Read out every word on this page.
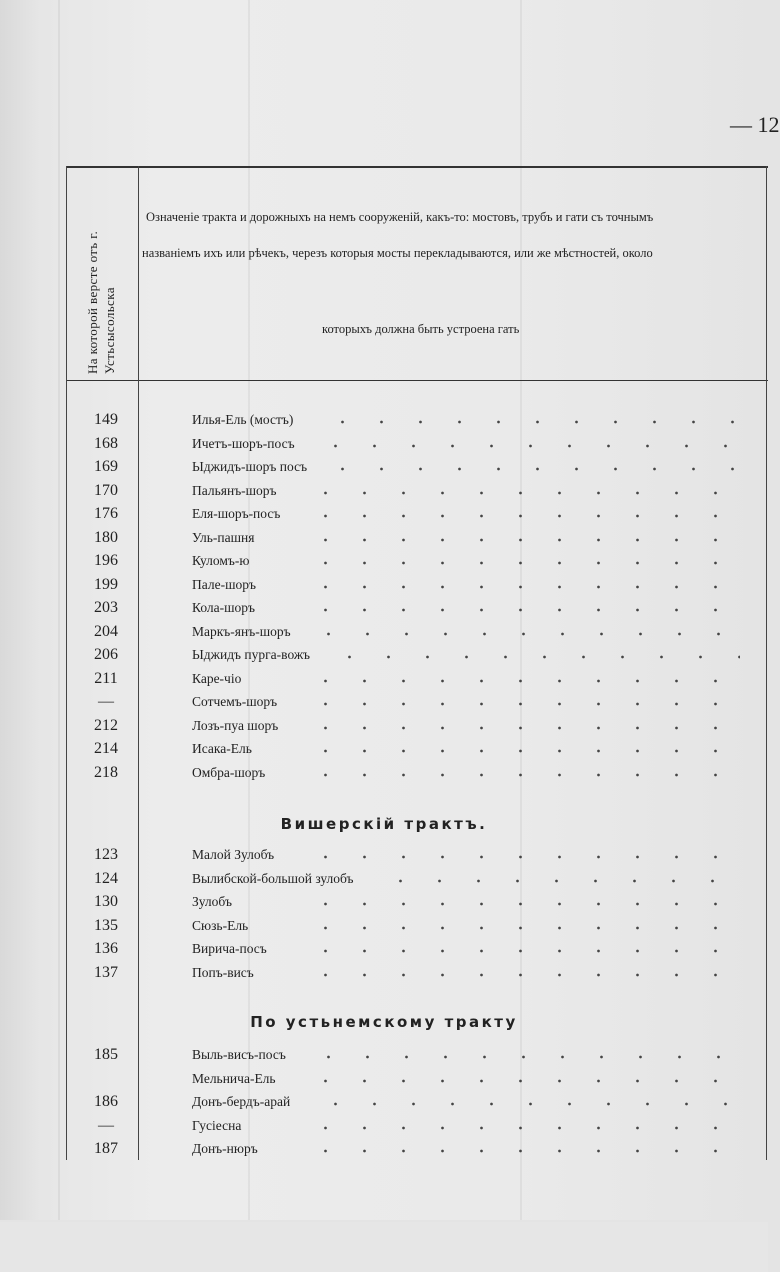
— 12
На которой версте отъ г. Устьсысольска
Означеніе тракта и дорожныхъ на немъ сооруженій, какъ-то: мостовъ, трубъ и гати съ точнымъ
названіемъ ихъ или рѣчекъ, черезъ которыя мосты перекладываются, или же мѣстностей, около
которыхъ должна быть устроена гать
149	Илья-Ель (мостъ)
168	Ичетъ-шоръ-посъ
169	Ыджидъ-шоръ посъ
170	Пальянъ-шоръ
176	Еля-шоръ-посъ
180	Уль-пашня
196	Куломъ-ю
199	Пале-шоръ
203	Кола-шоръ
204	Маркъ-янъ-шоръ
206	Ыджидъ пурга-вожъ
211	Каре-чіо
—	Сотчемъ-шоръ
212	Лозъ-пуа шоръ
214	Исака-Ель
218	Омбра-шоръ
Вишерскій трактъ.
123	Малой Зулобъ
124	Вылибской-большой зулобъ
130	Зулобъ
135	Сюзь-Ель
136	Вирича-посъ
137	Попъ-висъ
По устьнемскому тракту
185	Выль-висъ-посъ
Мельнича-Ель
186	Донъ-бердъ-арай
—	Гусіесна
187	Донъ-нюръ
